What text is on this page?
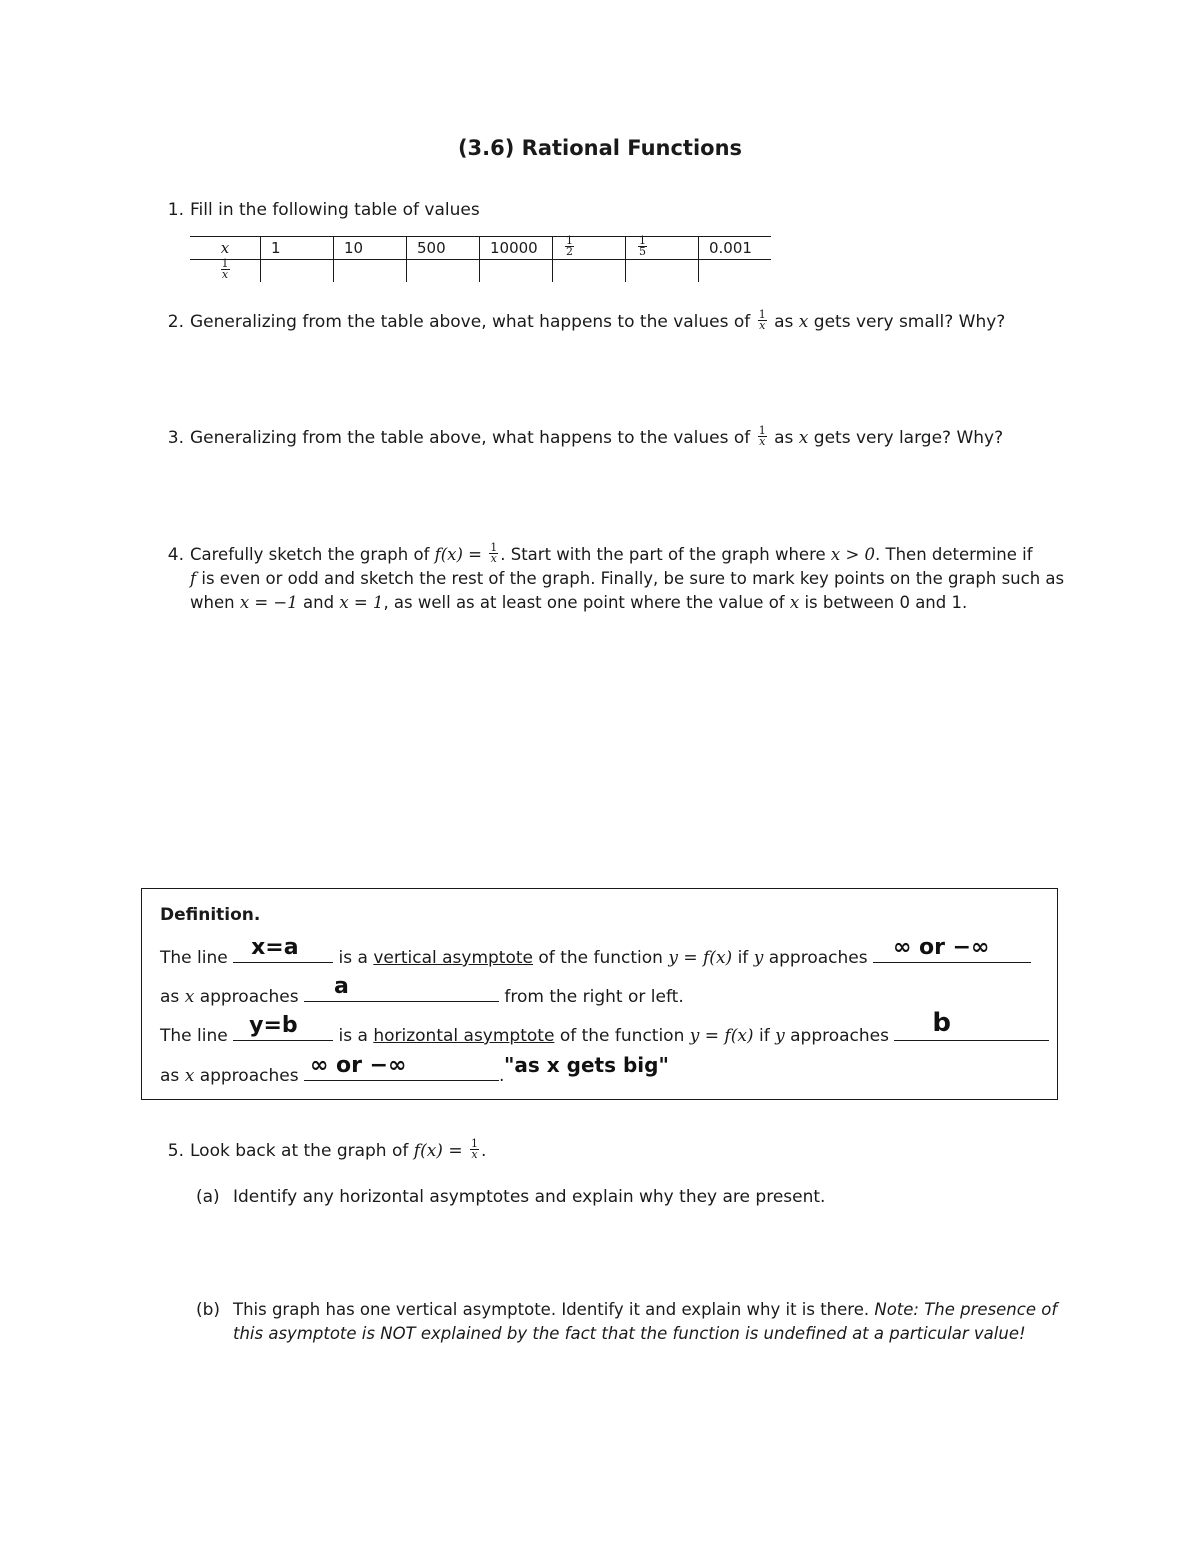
(3.6) Rational Functions
1. Fill in the following table of values
x	1	10	500	10000	$\frac{1}{2}$	$\frac{1}{5}$	0.001

$\frac{1}{x}$

2. Generalizing from the table above, what happens to the values of $\frac{1}{x}$ as x gets very small? Why?
3. Generalizing from the table above, what happens to the values of $\frac{1}{x}$ as x gets very large? Why?
4. Carefully sketch the graph of $f(x) = \frac{1}{x}$ . Start with the part of the graph where x > 0. Then determine if
f is even or odd and sketch the rest of the graph. Finally, be sure to mark key points on the graph such as
when x = −1 and x = 1, as well as at least one point where the value of x is between 0 and 1.
Definition.
The line x=a is a vertical asymptote of the function y = f(x) if y approaches ∞ or −∞
as x approaches a	from the right or left.
The line y=b is a horizontal asymptote of the function y = f(x) if y approaches b
as x approaches ∞ or −∞	. "as x gets big"
5. Look back at the graph of $f(x) = \frac{1}{x}$ .
(a) Identify any horizontal asymptotes and explain why they are present.
(b) This graph has one vertical asymptote. Identify it and explain why it is there. Note: The presence of
this asymptote is NOT explained by the fact that the function is undefined at a particular value!
